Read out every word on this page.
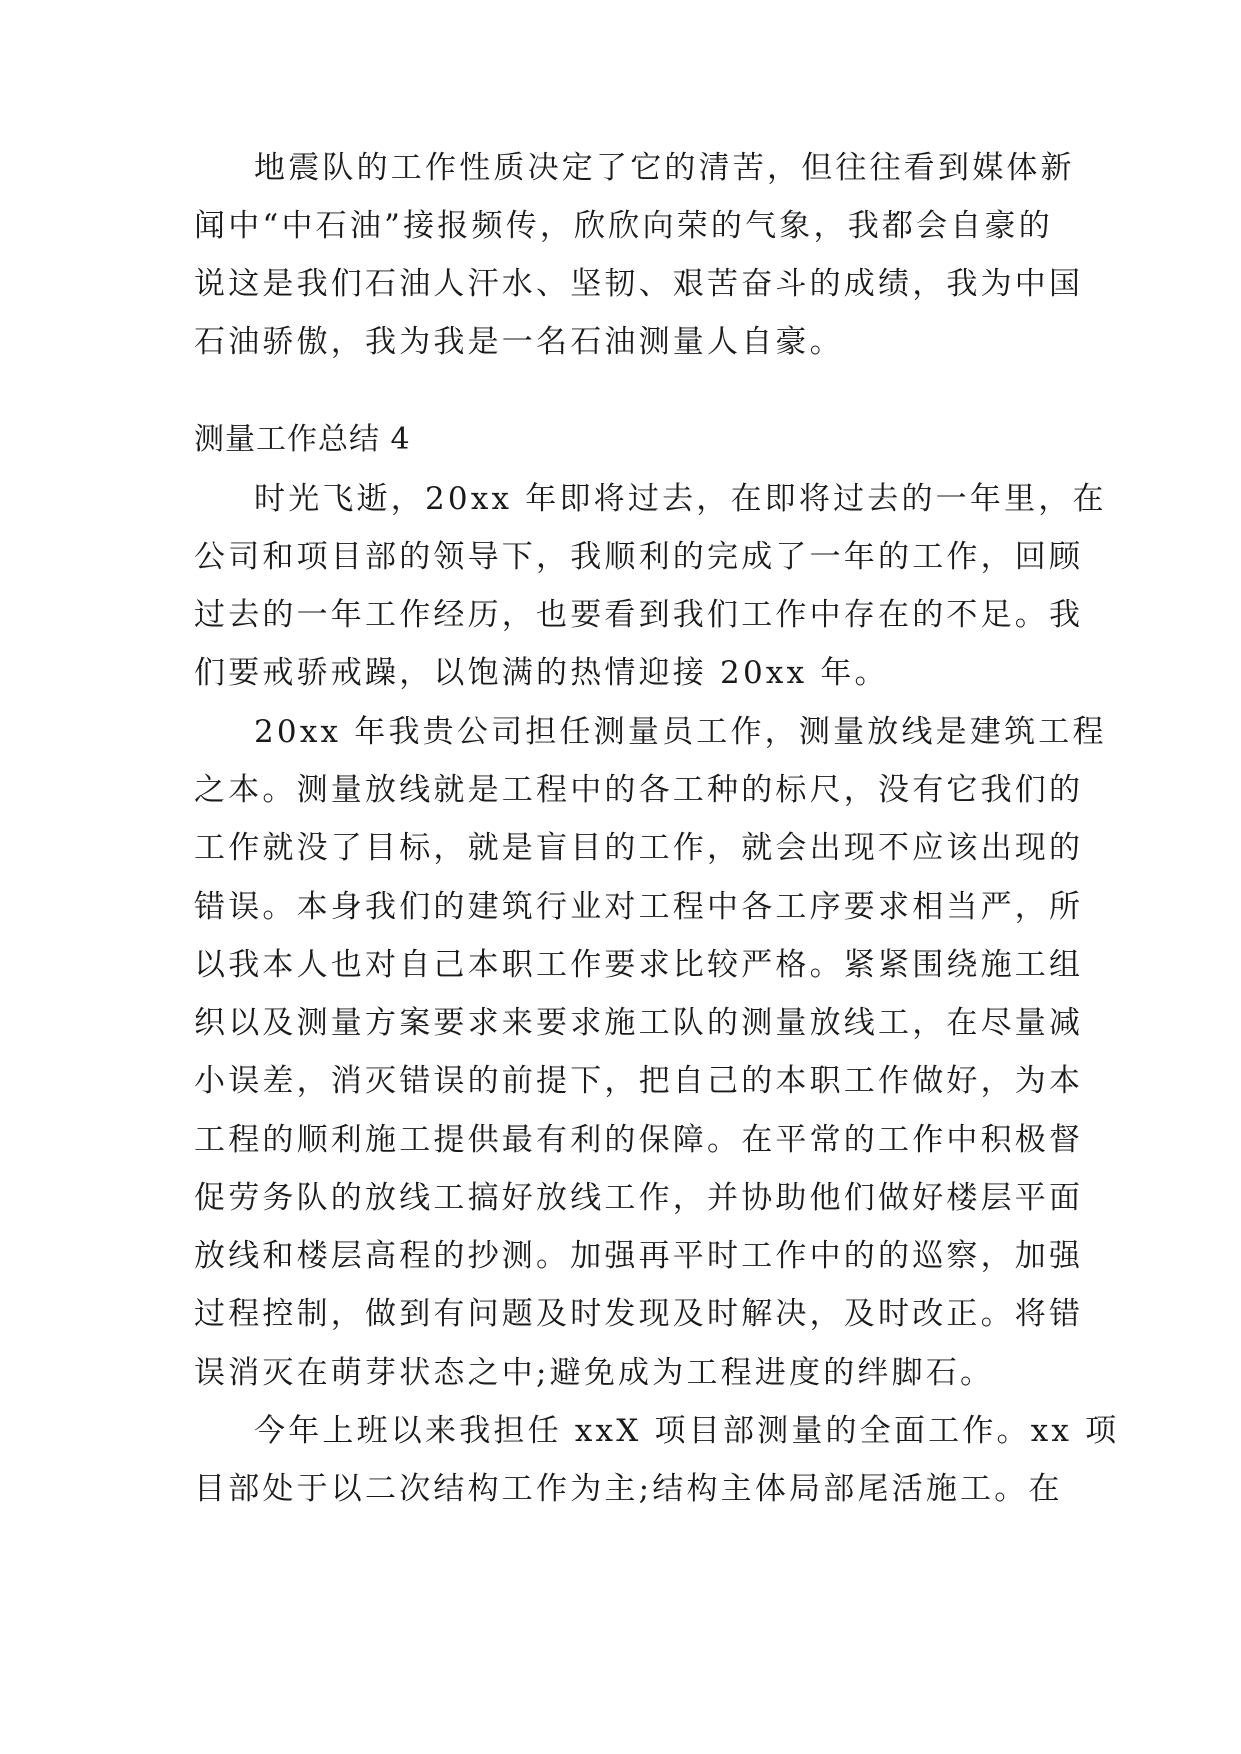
地震队的工作性质决定了它的清苦，但往往看到媒体新
闻中“中石油”接报频传，欣欣向荣的气象，我都会自豪的
说这是我们石油人汗水、坚韧、艰苦奋斗的成绩，我为中国
石油骄傲，我为我是一名石油测量人自豪。
测量工作总结 4
时光飞逝，20xx 年即将过去，在即将过去的一年里，在
公司和项目部的领导下，我顺利的完成了一年的工作，回顾
过去的一年工作经历，也要看到我们工作中存在的不足。我
们要戒骄戒躁，以饱满的热情迎接 20xx 年。
20xx 年我贵公司担任测量员工作，测量放线是建筑工程
之本。测量放线就是工程中的各工种的标尺，没有它我们的
工作就没了目标，就是盲目的工作，就会出现不应该出现的
错误。本身我们的建筑行业对工程中各工序要求相当严，所
以我本人也对自己本职工作要求比较严格。紧紧围绕施工组
织以及测量方案要求来要求施工队的测量放线工，在尽量减
小误差，消灭错误的前提下，把自己的本职工作做好，为本
工程的顺利施工提供最有利的保障。在平常的工作中积极督
促劳务队的放线工搞好放线工作，并协助他们做好楼层平面
放线和楼层高程的抄测。加强再平时工作中的的巡察，加强
过程控制，做到有问题及时发现及时解决，及时改正。将错
误消灭在萌芽状态之中;避免成为工程进度的绊脚石。
今年上班以来我担任 xxX 项目部测量的全面工作。xx 项
目部处于以二次结构工作为主;结构主体局部尾活施工。在
